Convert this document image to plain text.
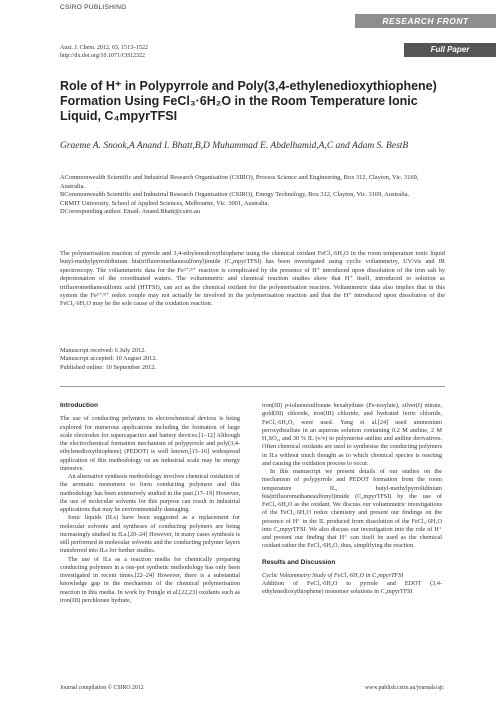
CSIRO PUBLISHING
RESEARCH FRONT
Full Paper
Aust. J. Chem. 2012, 65, 1513–1522
http://dx.doi.org/10.1071/CH12322
Role of H⁺ in Polypyrrole and Poly(3,4-ethylenedioxythiophene) Formation Using FeCl₃·6H₂O in the Room Temperature Ionic Liquid, C₄mpyrTFSI
Graeme A. Snook,A Anand I. Bhatt,B,D Muhammad E. Abdelhamid,A,C and Adam S. BestB

ACommonwealth Scientific and Industrial Research Organisation (CSIRO), Process Science and Engineering, Box 312, Clayton, Vic. 3169, Australia.

BCommonwealth Scientific and Industrial Research Organisation (CSIRO), Energy Technology, Box 312, Clayton, Vic. 3169, Australia.

CRMIT University, School of Applied Sciences, Melbourne, Vic. 3001, Australia.

DCorresponding author. Email: Anand.Bhatt@csiro.au

The polymerisation reaction of pyrrole and 3,4-ethylenedioxythiophene using the chemical oxidant FeCl₃·6H₂O in the room temperature ionic liquid butyl-methylpyrrolidinium bis(trifluoromethanesulfonyl)imide (C₄mpyrTFSI) has been investigated using cyclic voltammetry, UV/vis and IR spectroscopy. The voltammetric data for the Fe²⁺/³⁺ reaction is complicated by the presence of H⁺ introduced upon dissolution of the iron salt by deprotonation of the coordinated waters. The voltammetric and chemical reaction studies show that H⁺ itself, introduced to solution as trifluoromethanesulfonic acid (HTFSI), can act as the chemical oxidant for the polymerisation reaction. Voltammetric data also implies that in this system the Fe²⁺/³⁺ redox couple may not actually be involved in the polymerisation reaction and that the H⁺ introduced upon dissolution of the FeCl₃·6H₂O may be the sole cause of the oxidation reaction.

Manuscript received: 6 July 2012.

Manuscript accepted: 10 August 2012.

Published online: 10 September 2012.

Introduction

The use of conducting polymers in electrochemical devices is being explored for numerous applications including the formation of large scale electrodes for supercapacitor and battery devices.[1–12] Although the electrochemical formation mechanism of polypyrrole and poly(3,4-ethylenedioxythiophene) (PEDOT) is well known,[13–16] widespread application of this methodology on an industrial scale may be energy intensive.

An alternative synthesis methodology involves chemical oxidation of the aromatic monomers to form conducting polymers and this methodology has been extensively studied in the past.[17–19] However, the use of molecular solvents for this purpose can result in industrial applications that may be environmentally damaging.

Ionic liquids (ILs) have been suggested as a replacement for molecular solvents and syntheses of conducting polymers are being increasingly studied in ILs.[20–24] However, in many cases synthesis is still performed in molecular solvents and the conducting polymer layers transferred into ILs for further studies.

The use of ILs as a reaction media for chemically preparing conducting polymers in a one-pot synthetic methodology has only been investigated in recent times.[22–24] However, there is a substantial knowledge gap in the mechanism of the chemical polymerisation reaction in this media. In work by Pringle et al.[22,23] oxidants such as iron(III) perchlorate hydrate,

iron(III) p-toluenesulfonate hexahydrate (Fe-tosylate), silver(I) nitrate, gold(III) chloride, iron(III) chloride, and hydrated ferric chloride, FeCl₃·6H₂O, were used. Yang et al.[24] used ammonium peroxydisulfate in an aqueous solution containing 0.2 M aniline, 2 M H₂SO₄, and 30 % IL (v/v) to polymerise aniline and aniline derivatives. Often chemical oxidants are used to synthesise the conducting polymers in ILs without much thought as to which chemical species is reacting and causing the oxidation process to occur.

In this manuscript we present details of our studies on the mechanism of polypyrrole and PEDOT formation from the room temperature IL, butyl-methylpyrrolidinium bis(trifluoromethanesulfonyl)imide (C₄mpyrTFSI) by the use of FeCl₃·6H₂O as the oxidant. We discuss our voltammetric investigations of the FeCl₃·6H₂O redox chemistry and present our findings on the presence of H⁺ in the IL produced from dissolution of the FeCl₃·6H₂O into C₄mpyrTFSI. We also discuss our investigation into the role of H⁺ and present our finding that H⁺ can itself be used as the chemical oxidant rather the FeCl₃·6H₂O, thus, simplifying the reaction.

Results and Discussion

Cyclic Voltammetry Study of FeCl₃·6H₂O in C₄mpyrTFSI

Addition of FeCl₃·6H₂O to pyrrole and EDOT (3,4-ethylenedioxythiophene) monomer solutions in C₄mpyrTFSI

Journal compilation © CSIRO 2012	www.publish.csiro.au/journals/ajc
